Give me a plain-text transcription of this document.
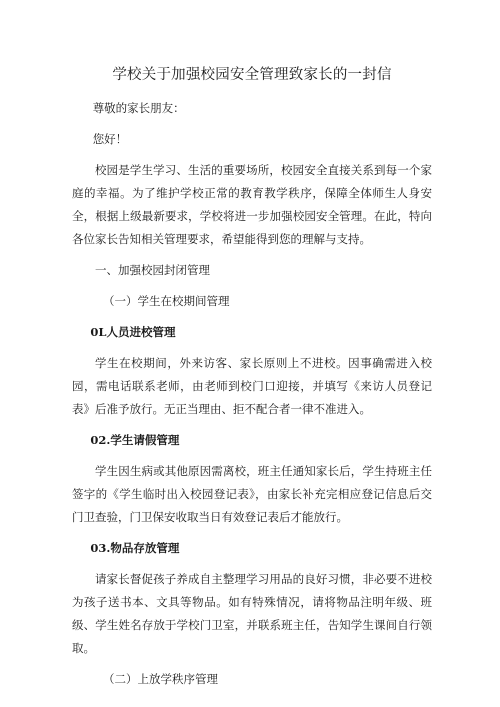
学校关于加强校园安全管理致家长的一封信

尊敬的家长朋友：

您好！

校园是学生学习、生活的重要场所，校园安全直接关系到每一个家庭的幸福。为了维护学校正常的教育教学秩序，保障全体师生人身安全，根据上级最新要求，学校将进一步加强校园安全管理。在此，特向各位家长告知相关管理要求，希望能得到您的理解与支持。

一、加强校园封闭管理

（一）学生在校期间管理

0L人员进校管理

学生在校期间，外来访客、家长原则上不进校。因事确需进入校园，需电话联系老师，由老师到校门口迎接，并填写《来访人员登记表》后准予放行。无正当理由、拒不配合者一律不准进入。

02.学生请假管理

学生因生病或其他原因需离校，班主任通知家长后，学生持班主任签字的《学生临时出入校园登记表》，由家长补充完相应登记信息后交门卫查验，门卫保安收取当日有效登记表后才能放行。

03.物品存放管理

请家长督促孩子养成自主整理学习用品的良好习惯，非必要不进校为孩子送书本、文具等物品。如有特殊情况，请将物品注明年级、班级、学生姓名存放于学校门卫室，并联系班主任，告知学生课间自行领取。

（二）上放学秩序管理
